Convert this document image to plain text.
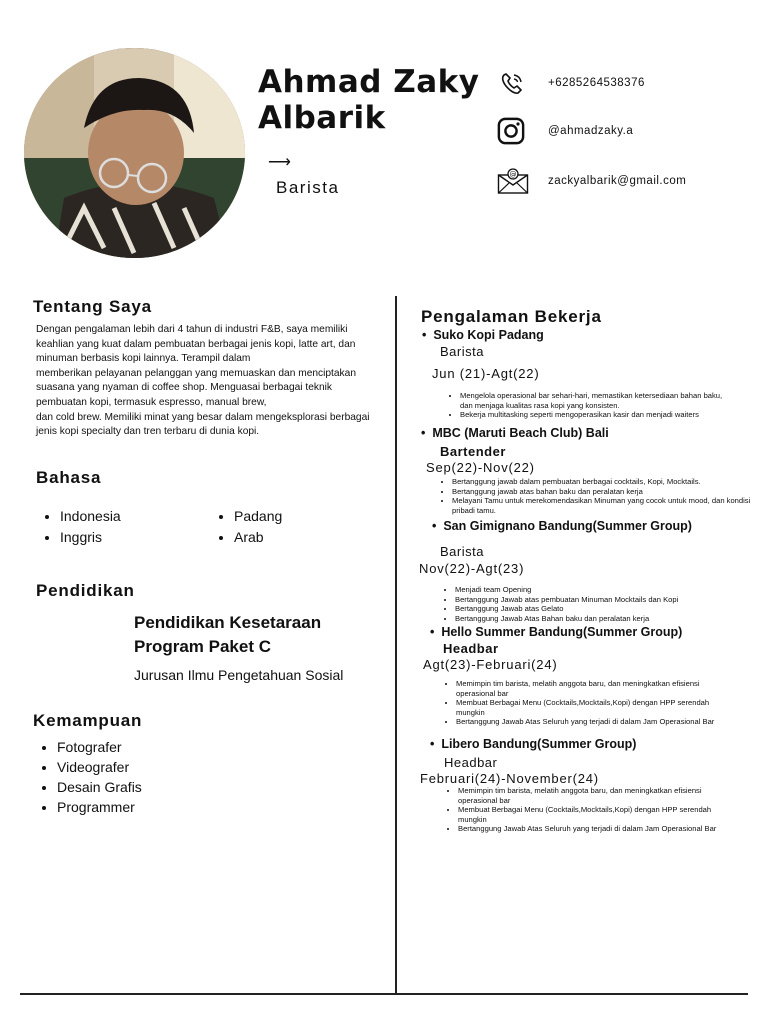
Ahmad Zaky
Albarik
⟶
Barista
+6285264538376
@ahmadzaky.a
@
zackyalbarik@gmail.com
Tentang Saya
Dengan pengalaman lebih dari 4 tahun di industri F&B, saya memiliki
keahlian yang kuat dalam pembuatan berbagai jenis kopi, latte art, dan
minuman berbasis kopi lainnya. Terampil dalam
memberikan pelayanan pelanggan yang memuaskan dan menciptakan
suasana yang nyaman di coffee shop. Menguasai berbagai teknik
pembuatan kopi, termasuk espresso, manual brew,
dan cold brew. Memiliki minat yang besar dalam mengeksplorasi berbagai
jenis kopi specialty dan tren terbaru di dunia kopi.
Bahasa
• Indonesia
• Inggris
• Padang
• Arab
Pendidikan
Pendidikan Kesetaraan
Program Paket C
Jurusan Ilmu Pengetahuan Sosial
Kemampuan
• Fotografer
• Videografer
• Desain Grafis
• Programmer
Pengalaman Bekerja
•  Suko Kopi Padang
Barista
Jun (21)-Agt(22)
• Mengelola operasional bar sehari-hari, memastikan ketersediaan bahan baku,
dan menjaga kualitas rasa kopi yang konsisten.
• Bekerja multitasking seperti mengoperasikan kasir dan menjadi waiters
•  MBC (Maruti Beach Club) Bali
Bartender
Sep(22)-Nov(22)
• Bertanggung jawab dalam pembuatan berbagai cocktails, Kopi, Mocktails.
• Bertanggung jawab atas bahan baku dan peralatan kerja
• Melayani Tamu untuk merekomendasikan Minuman yang cocok untuk mood, dan kondisi
pribadi tamu.
•  San Gimignano Bandung(Summer Group)
Barista
Nov(22)-Agt(23)
• Menjadi team Opening
• Bertanggung Jawab atas pembuatan Minuman Mocktails dan Kopi
• Bertanggung Jawab atas Gelato
• Bertanggung Jawab Atas Bahan baku dan peralatan kerja
•  Hello Summer Bandung(Summer Group)
Headbar
Agt(23)-Februari(24)
• Memimpin tim barista, melatih anggota baru, dan meningkatkan efisiensi
operasional bar
• Membuat Berbagai Menu (Cocktails,Mocktails,Kopi) dengan HPP serendah
mungkin
• Bertanggung Jawab Atas Seluruh yang terjadi di dalam Jam Operasional Bar
•  Libero Bandung(Summer Group)
Headbar
Februari(24)-November(24)
• Memimpin tim barista, melatih anggota baru, dan meningkatkan efisiensi
operasional bar
• Membuat Berbagai Menu (Cocktails,Mocktails,Kopi) dengan HPP serendah
mungkin
• Bertanggung Jawab Atas Seluruh yang terjadi di dalam Jam Operasional Bar
